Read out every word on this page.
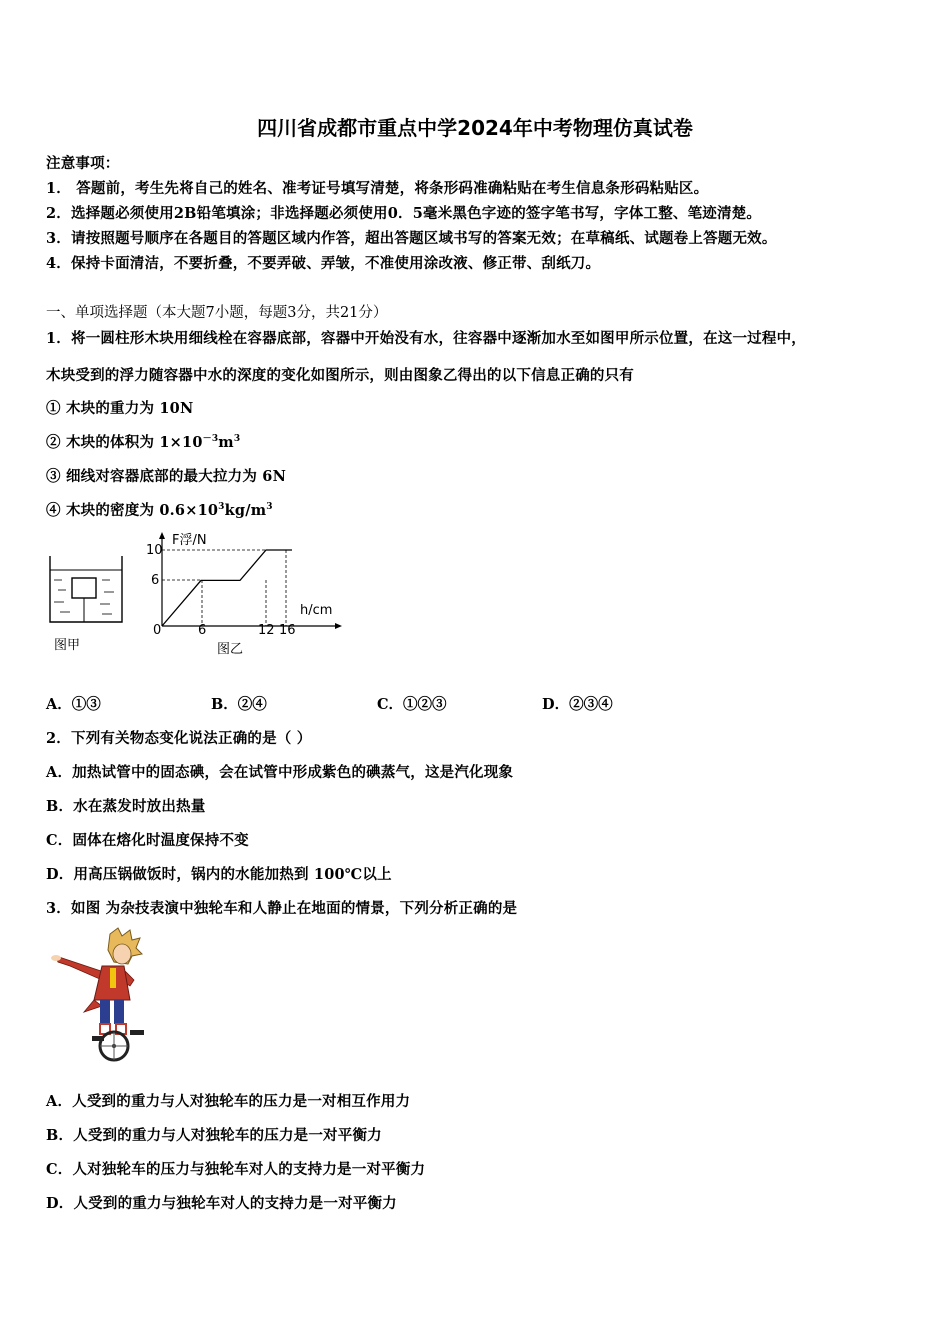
四川省成都市重点中学2024年中考物理仿真试卷
注意事项：
1． 答题前，考生先将自己的姓名、准考证号填写清楚，将条形码准确粘贴在考生信息条形码粘贴区。
2．选择题必须使用2B铅笔填涂；非选择题必须使用0．5毫米黑色字迹的签字笔书写，字体工整、笔迹清楚。
3．请按照题号顺序在各题目的答题区域内作答，超出答题区域书写的答案无效；在草稿纸、试题卷上答题无效。
4．保持卡面清洁，不要折叠，不要弄破、弄皱，不准使用涂改液、修正带、刮纸刀。
一、单项选择题（本大题7小题，每题3分，共21分）
1．将一圆柱形木块用细线栓在容器底部，容器中开始没有水，往容器中逐渐加水至如图甲所示位置，在这一过程中，
木块受到的浮力随容器中水的深度的变化如图所示，则由图象乙得出的以下信息正确的只有
① 木块的重力为 10N
② 木块的体积为 $1\times 10^{-3}m^3$
③ 细线对容器底部的最大拉力为 6N
④ 木块的密度为 $0.6\times 10^3kg/m^3$
图甲
F浮/N
h/cm
10
6
0	6	12 16
图乙
A．①③	B．②④	C．①②③	D．②③④
2．下列有关物态变化说法正确的是（ ）
A．加热试管中的固态碘，会在试管中形成紫色的碘蒸气，这是汽化现象
B．水在蒸发时放出热量
C．固体在熔化时温度保持不变
D．用高压锅做饭时，锅内的水能加热到 100℃以上
3．如图 为杂技表演中独轮车和人静止在地面的情景，下列分析正确的是
A．人受到的重力与人对独轮车的压力是一对相互作用力
B．人受到的重力与人对独轮车的压力是一对平衡力
C．人对独轮车的压力与独轮车对人的支持力是一对平衡力
D．人受到的重力与独轮车对人的支持力是一对平衡力
